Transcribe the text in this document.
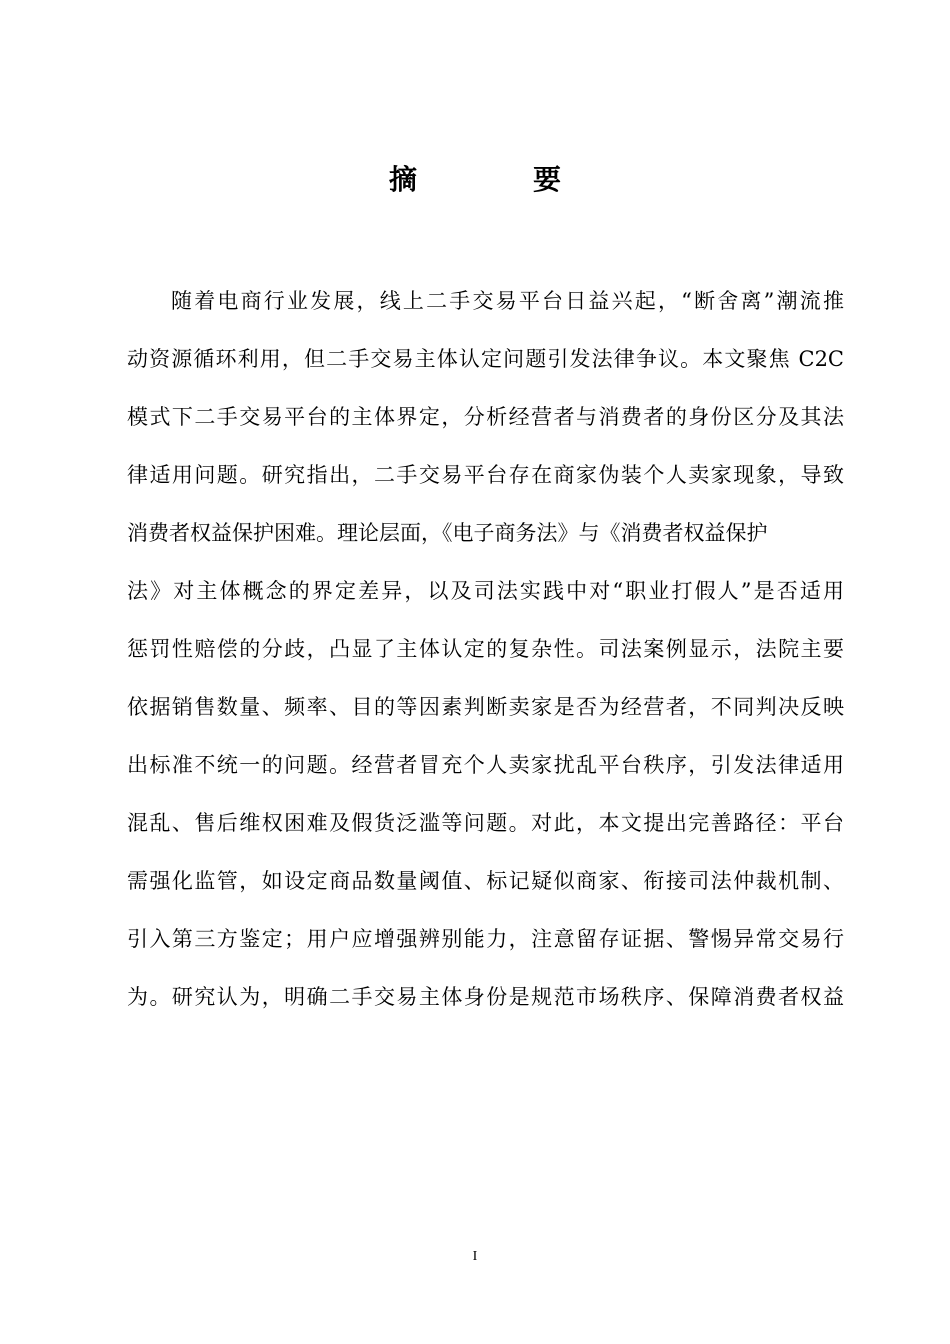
摘　要
随着电商行业发展，线上二手交易平台日益兴起，“断舍离”潮流推
动资源循环利用，但二手交易主体认定问题引发法律争议。本文聚焦 C2C
模式下二手交易平台的主体界定，分析经营者与消费者的身份区分及其法
律适用问题。研究指出，二手交易平台存在商家伪装个人卖家现象，导致
消费者权益保护困难。理论层面，《电子商务法》与《消费者权益保护
法》对主体概念的界定差异，以及司法实践中对“职业打假人”是否适用
惩罚性赔偿的分歧，凸显了主体认定的复杂性。司法案例显示，法院主要
依据销售数量、频率、目的等因素判断卖家是否为经营者，不同判决反映
出标准不统一的问题。经营者冒充个人卖家扰乱平台秩序，引发法律适用
混乱、售后维权困难及假货泛滥等问题。对此，本文提出完善路径：平台
需强化监管，如设定商品数量阈值、标记疑似商家、衔接司法仲裁机制、
引入第三方鉴定；用户应增强辨别能力，注意留存证据、警惕异常交易行
为。研究认为，明确二手交易主体身份是规范市场秩序、保障消费者权益
I
